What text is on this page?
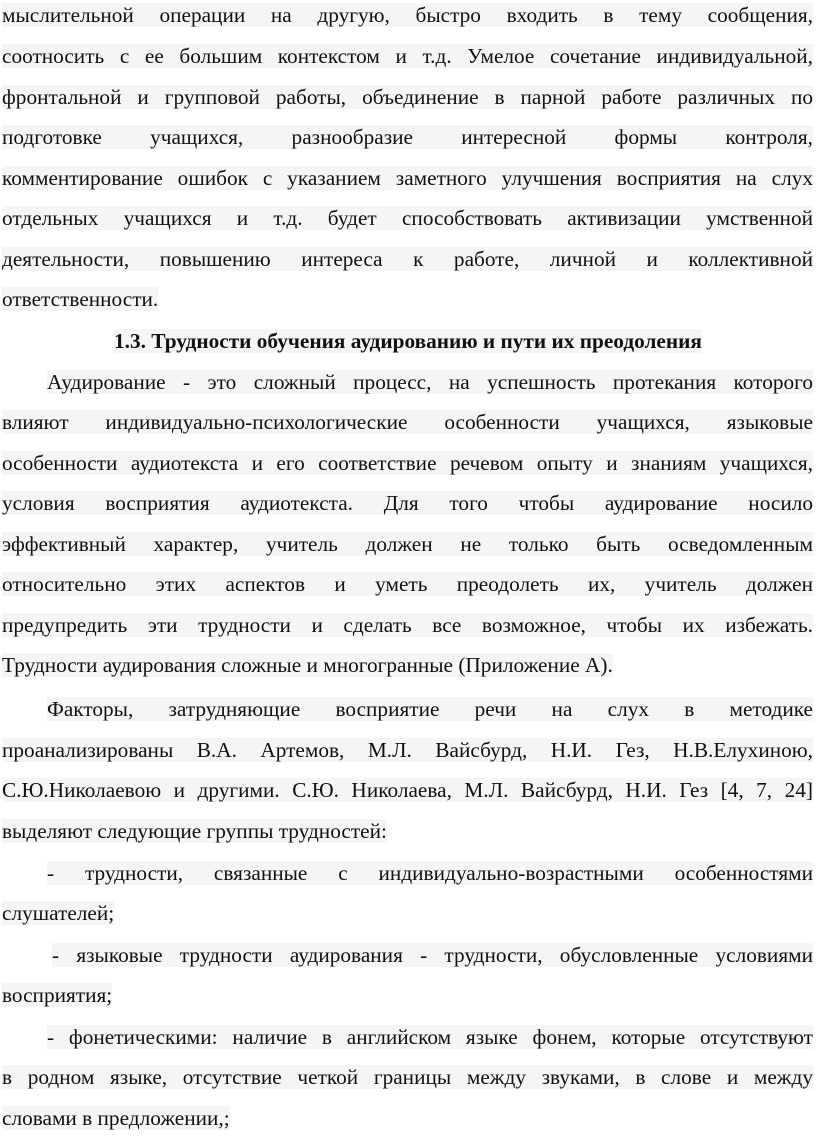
мыслительной операции на другую, быстро входить в тему сообщения,
соотносить с ее большим контекстом и т.д. Умелое сочетание индивидуальной,
фронтальной и групповой работы, объединение в парной работе различных по
подготовке учащихся, разнообразие интересной формы контроля,
комментирование ошибок с указанием заметного улучшения восприятия на слух
отдельных учащихся и т.д. будет способствовать активизации умственной
деятельности, повышению интереса к работе, личной и коллективной
ответственности.
1.3. Трудности обучения аудированию и пути их преодоления
Аудирование - это сложный процесс, на успешность протекания которого
влияют индивидуально-психологические особенности учащихся, языковые
особенности аудиотекста и его соответствие речевом опыту и знаниям учащихся,
условия восприятия аудиотекста. Для того чтобы аудирование носило
эффективный характер, учитель должен не только быть осведомленным
относительно этих аспектов и уметь преодолеть их, учитель должен
предупредить эти трудности и сделать все возможное, чтобы их избежать.
Трудности аудирования сложные и многогранные (Приложение А).
Факторы, затрудняющие восприятие речи на слух в методике
проанализированы В.А. Артемов, М.Л. Вайсбурд, Н.И. Гез, Н.В.Елухиною,
С.Ю.Николаевою и другими. С.Ю. Николаева, М.Л. Вайсбурд, Н.И. Гез [4, 7, 24]
выделяют следующие группы трудностей:
- трудности, связанные с индивидуально-возрастными особенностями
слушателей;
- языковые трудности аудирования - трудности, обусловленные условиями
восприятия;
- фонетическими: наличие в английском языке фонем, которые отсутствуют
в родном языке, отсутствие четкой границы между звуками, в слове и между
словами в предложении,;
